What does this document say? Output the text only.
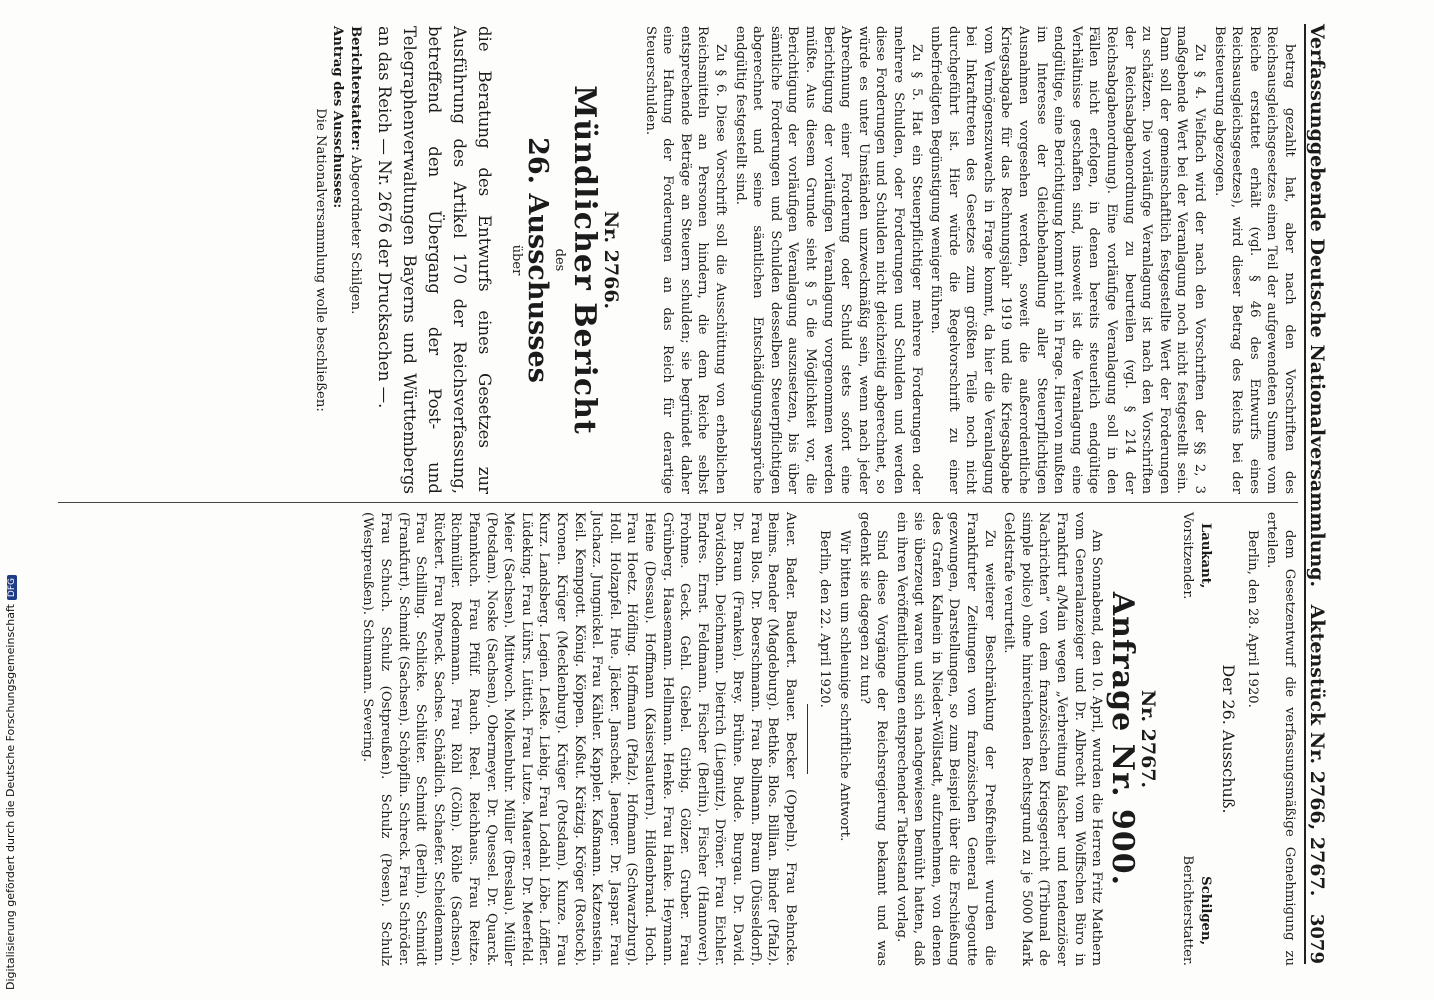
Verfassunggebende Deutsche Nationalversammlung.
Aktenstück Nr. 2766, 2767.
3079

betrag gezahlt hat, aber nach den Vorschriften des Reichsausgleichsgesetzes einen Teil der aufgewendeten Summe vom Reiche erstattet erhält (vgl. § 46 des Entwurfs eines Reichsausgleichsgesetzes), wird dieser Betrag des Reichs bei der Beisteuerung abgezogen.

Zu § 4. Vielfach wird der nach den Vorschriften der §§ 2, 3 maßgebende Wert bei der Veranlagung noch nicht festgestellt sein. Dann soll der gemeinschaftlich festgestellte Wert der Forderungen zu schätzen. Die vorläufige Veranlagung ist nach den Vorschriften der Reichsabgabenordnung zu beurteilen (vgl. § 214 der Reichsabgabenordnung). Eine vorläufige Veranlagung soll in den Fällen nicht erfolgen, in denen bereits steuerlich endgültige Verhältnisse geschaffen sind, insoweit ist die Veranlagung eine endgültige, eine Berichtigung kommt nicht in Frage. Hiervon mußten im Interesse der Gleichbehandlung aller Steuerpflichtigen Ausnahmen vorgesehen werden, soweit die außerordentliche Kriegsabgabe für das Rechnungsjahr 1919 und die Kriegsabgabe vom Vermögenszuwachs in Frage kommt, da hier die Veranlagung bei Inkrafttreten des Gesetzes zum größten Teile noch nicht durchgeführt ist. Hier würde die Regelvorschrift zu einer unbefriedigten Begünstigung weniger führen.

Zu § 5. Hat ein Steuerpflichtiger mehrere Forderungen oder mehrere Schulden, oder Forderungen und Schulden und werden diese Forderungen und Schulden nicht gleichzeitig abgerechnet, so würde es unter Umständen unzweckmäßig sein, wenn nach jeder Abrechnung einer Forderung oder Schuld stets sofort eine Berichtigung der vorläufigen Veranlagung vorgenommen werden müßte. Aus diesem Grunde sieht § 5 die Möglichkeit vor, die Berichtigung der vorläufigen Veranlagung auszusetzen, bis über sämtliche Forderungen und Schulden desselben Steuerpflichtigen abgerechnet und seine sämtlichen Entschädigungsansprüche endgültig festgestellt sind.

Zu § 6. Diese Vorschrift soll die Ausschüttung von erheblichen Reichsmitteln an Personen hindern, die dem Reiche selbst entsprechende Beträge an Steuern schulden; sie begründet daher eine Haftung der Forderungen an das Reich für derartige Steuerschulden.

Nr. 2766.
Mündlicher Bericht
des
26. Ausschusses
über
die Beratung des Entwurfs eines Gesetzes zur Ausführung des Artikel 170 der Reichsverfassung, betreffend den Übergang der Post- und Telegraphenverwaltungen Bayerns und Württembergs an das Reich — Nr. 2676 der Drucksachen —.
Berichterstatter: Abgeordneter Schilgen.
Antrag des Ausschusses:
Die Nationalversammlung wolle beschließen:

dem Gesetzentwurf die verfassungsmäßige Genehmigung zu erteilen.

Berlin, den 28. April 1920.

Der 26. Ausschuß.
Laukant,
Vorsitzender.
Schilgen,
Berichterstatter.
Nr. 2767.
Anfrage Nr. 900.

Am Sonnabend, den 10. April, wurden die Herren Fritz Mathern vom Generalanzeiger und Dr. Albrecht vom Wolffschen Büro in Frankfurt a/Main wegen „Verbreitung falscher und tendenziöser Nachrichten“ von dem französischen Kriegsgericht (Tribunal de simple police) ohne hinreichenden Rechtsgrund zu je 5000 Mark Geldstrafe verurteilt.

Zu weiterer Beschränkung der Preßfreiheit wurden die Frankfurter Zeitungen vom französischen General Degoutte gezwungen, Darstellungen, so zum Beispiel über die Erschießung des Grafen Kalnein in Nieder-Wöllstadt, aufzunehmen, von denen sie überzeugt waren und sich nachgewiesen bemüht hatten, daß ein ihren Veröffentlichungen entsprechender Tatbestand vorlag.

Sind diese Vorgänge der Reichsregierung bekannt und was gedenkt sie dagegen zu tun?

Wir bitten um schleunige schriftliche Antwort.

Berlin, den 22. April 1920.

Auer. Bader. Baudert. Bauer. Becker (Oppeln). Frau Behncke. Beims. Bender (Magdeburg). Bethke. Blos. Billian. Binder (Pfalz). Frau Blos. Dr. Boerschmann. Frau Bollmann. Braun (Düsseldorf). Dr. Braun (Franken). Brey. Brühne. Budde. Burgau. Dr. David. Davidsohn. Deichmann. Dietrich (Liegnitz). Dröner. Frau Eichler. Endres. Ernst. Feldmann. Fischer (Berlin). Fischer (Hannover). Frohme. Geck. Gehl. Giebel. Girbig. Gölzer. Gruber. Frau Grünberg. Haasemann. Hellmann. Henke. Frau Hanke. Heymann. Heine (Dessau). Hoffmann (Kaiserslautern). Hildenbrand. Hoch. Frau Hoetz. Höfling. Hoffmann (Pfalz). Hofmann (Schwarzburg). Holl. Holzapfel. Hue. Jäcker. Janschek. Jaenger. Dr. Jaspar. Frau Juchacz. Jungnickel. Frau Kähler. Kappler. Kaßmann. Katzenstein. Keil. Kempgott. König. Köppen. Koßut. Krätzig. Kröger (Rostock). Kronen. Krüger (Mecklenburg). Krüger (Potsdam). Kunze. Frau Kurz. Landsberg. Legien. Leske. Liebig. Frau Lodahl. Löbe. Löffler. Lüdeking. Frau Lührs. Lüttich. Frau Lutze. Mauerer. Dr. Meerfeld. Meier (Sachsen). Mittwoch. Molkenbuhr. Müller (Breslau). Müller (Potsdam). Noske (Sachsen). Obermeyer. Dr. Quessel. Dr. Quarck. Pfannkuch. Frau Pfülf. Rauch. Reel. Reichhaus. Frau Reitze. Richmüller. Rodenmann. Frau Röhl (Cöln). Röhle (Sachsen). Rückert. Frau Ryneck. Sachse. Schädlich. Schaefer. Scheidemann. Frau Schilling. Schlicke. Schlüter. Schmidt (Berlin). Schmidt (Frankfurt). Schmidt (Sachsen). Schöpflin. Schreck. Frau Schröder. Frau Schuch. Schulz (Ostpreußen). Schulz (Posen). Schulz (Westpreußen). Schumann. Severing.
Digitalisierung gefördert durch die Deutsche ForschungsgemeinschaftDFG
